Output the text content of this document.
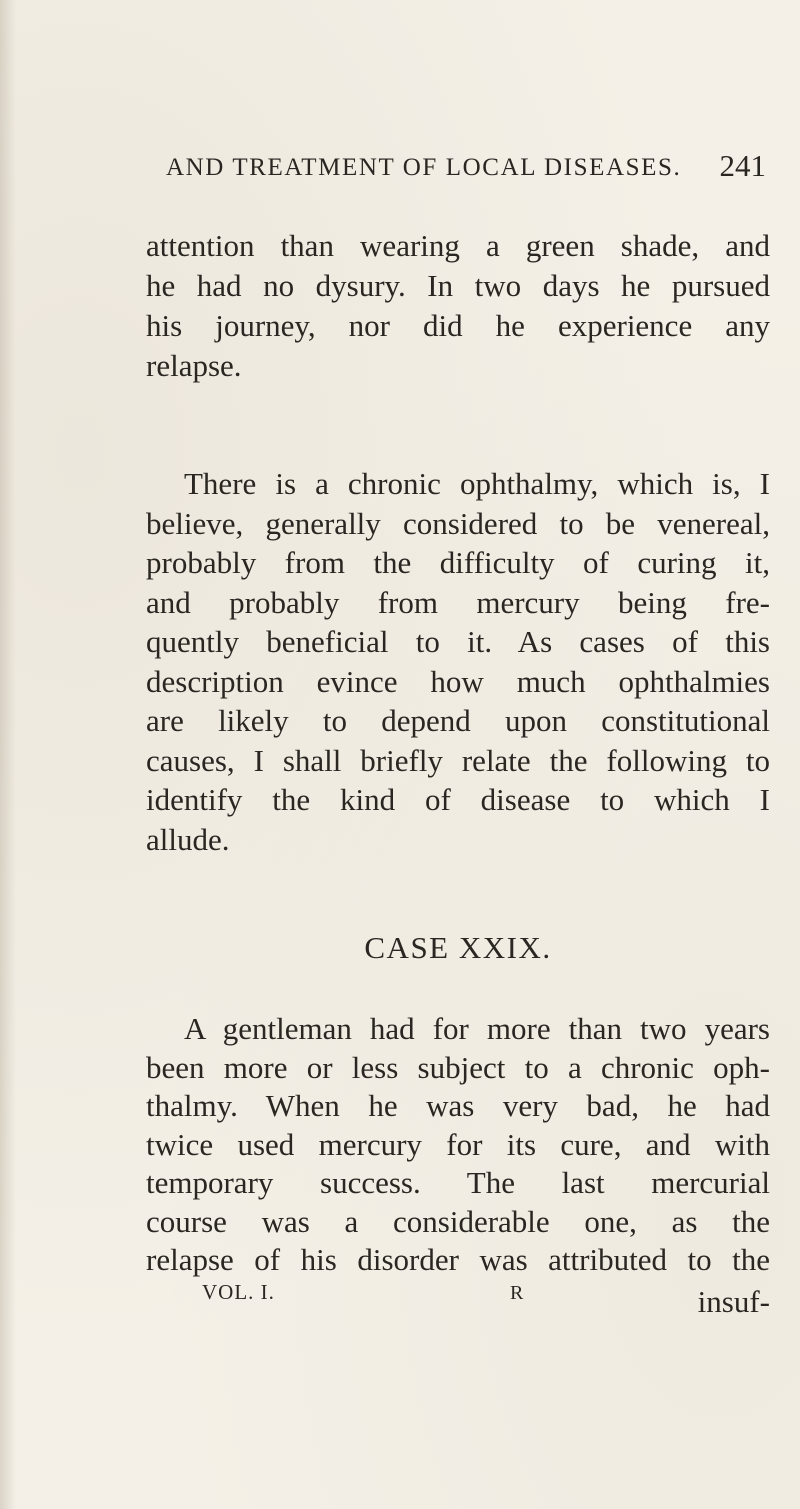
AND TREATMENT OF LOCAL DISEASES. 241
attention than wearing a green shade, and
he had no dysury. In two days he pursued
his journey, nor did he experience any
relapse.
There is a chronic ophthalmy, which is, I
believe, generally considered to be venereal,
probably from the difficulty of curing it,
and probably from mercury being fre-
quently beneficial to it. As cases of this
description evince how much ophthalmies
are likely to depend upon constitutional
causes, I shall briefly relate the following to
identify the kind of disease to which I
allude.
CASE XXIX.
A gentleman had for more than two years
been more or less subject to a chronic oph-
thalmy. When he was very bad, he had
twice used mercury for its cure, and with
temporary success. The last mercurial
course was a considerable one, as the
relapse of his disorder was attributed to the
VOL. I.	R	insuf-
